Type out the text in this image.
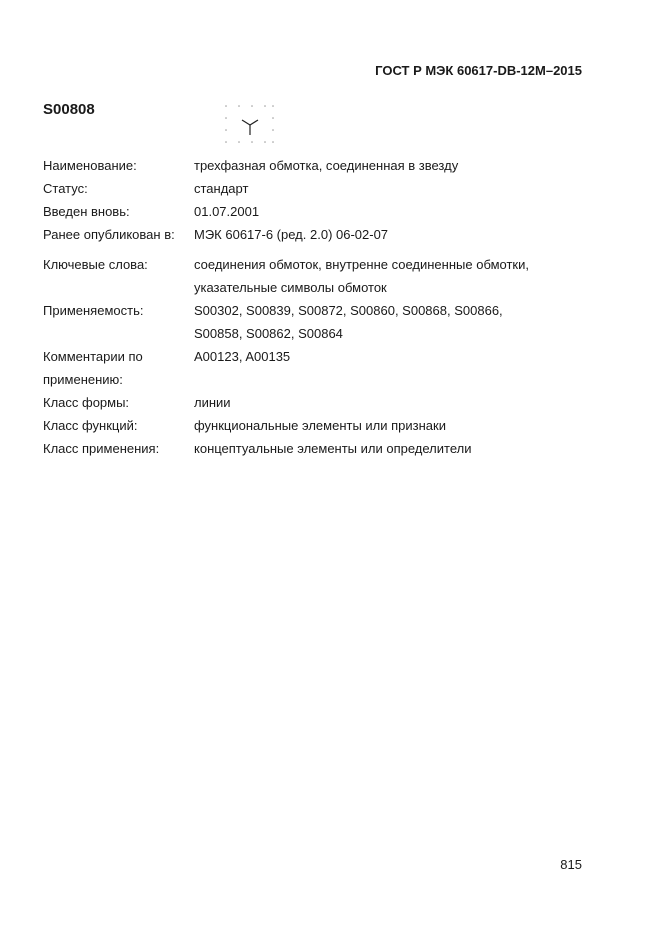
ГОСТ Р МЭК 60617-DB-12М–2015
S00808
Наименование:	трехфазная обмотка, соединенная в звезду
Статус:	стандарт
Введен вновь:	01.07.2001
Ранее опубликован в:	МЭК 60617-6 (ред. 2.0) 06-02-07
Ключевые слова:	соединения обмоток, внутренне соединенные обмотки,
указательные символы обмоток
Применяемость:	S00302, S00839, S00872, S00860, S00868, S00866,
S00858, S00862, S00864
Комментарии по
применению:
A00123, A00135
Класс формы:	линии
Класс функций:	функциональные элементы или признаки
Класс применения:	концептуальные элементы или определители
815
